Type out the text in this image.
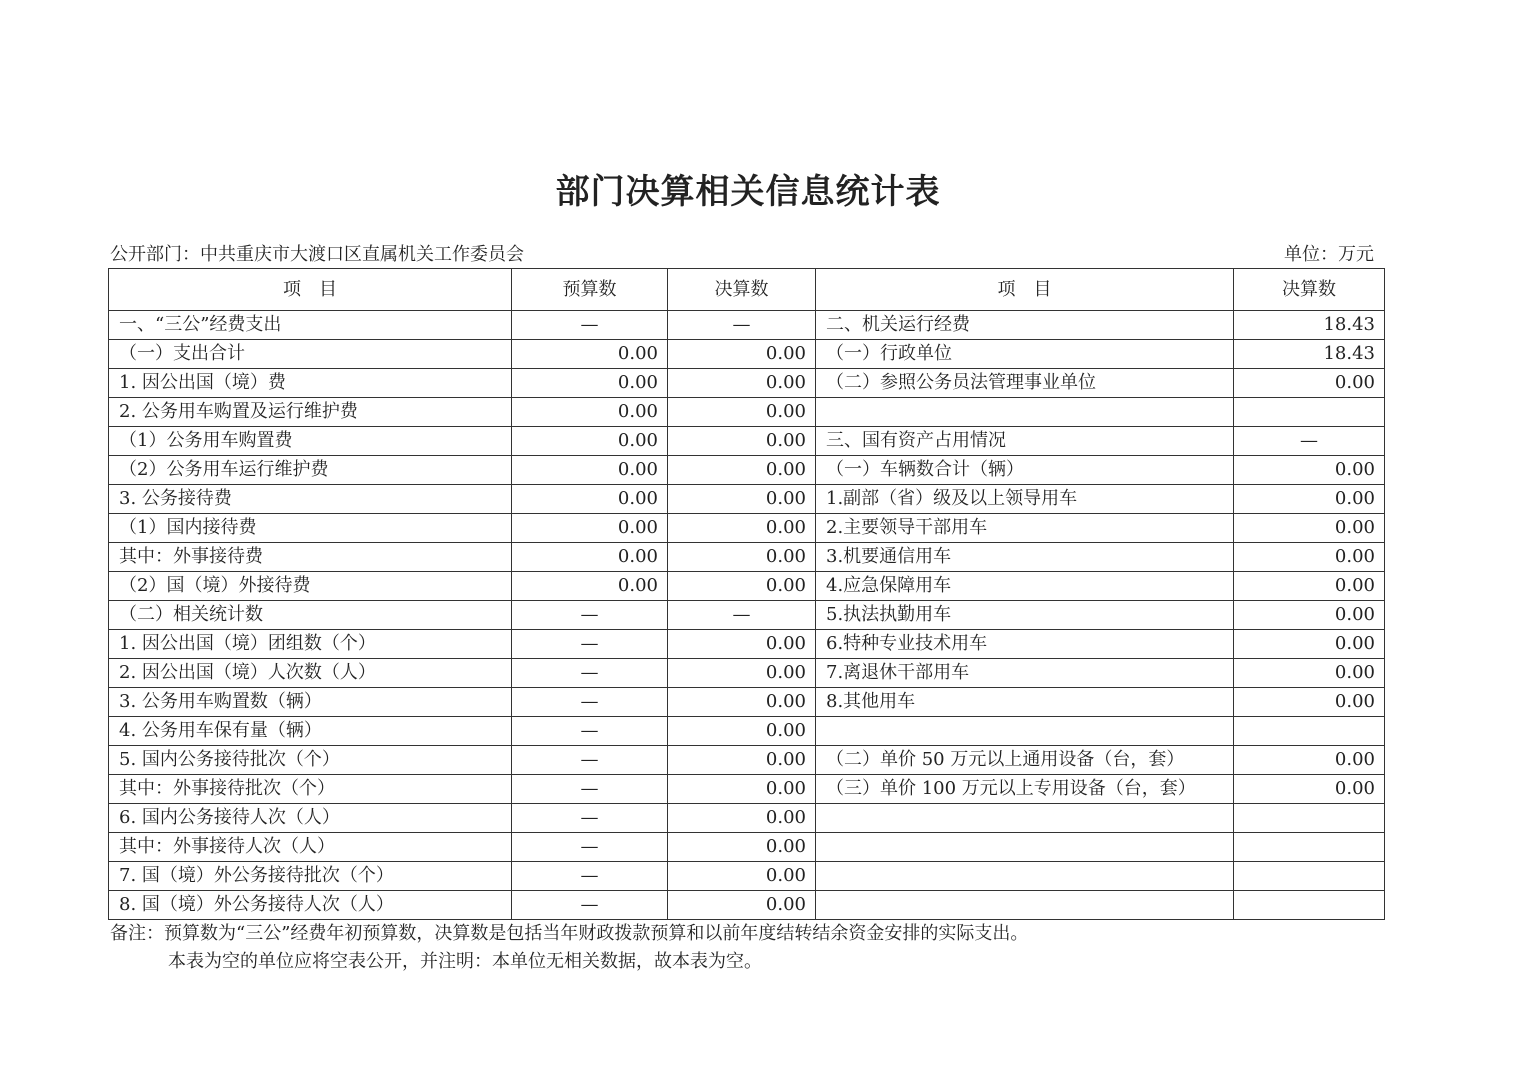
部门决算相关信息统计表
公开部门：中共重庆市大渡口区直属机关工作委员会	单位：万元
项　目	预算数	决算数	项　目	决算数
一、“三公”经费支出	—	—	二、机关运行经费	18.43
（一）支出合计	0.00	0.00	（一）行政单位	18.43
1. 因公出国（境）费	0.00	0.00	（二）参照公务员法管理事业单位	0.00
2. 公务用车购置及运行维护费	0.00	0.00		
（1）公务用车购置费	0.00	0.00	三、国有资产占用情况	—
（2）公务用车运行维护费	0.00	0.00	（一）车辆数合计（辆）	0.00
3. 公务接待费	0.00	0.00	1.副部（省）级及以上领导用车	0.00
（1）国内接待费	0.00	0.00	2.主要领导干部用车	0.00
其中：外事接待费	0.00	0.00	3.机要通信用车	0.00
（2）国（境）外接待费	0.00	0.00	4.应急保障用车	0.00
（二）相关统计数	—	—	5.执法执勤用车	0.00
1. 因公出国（境）团组数（个）	—	0.00	6.特种专业技术用车	0.00
2. 因公出国（境）人次数（人）	—	0.00	7.离退休干部用车	0.00
3. 公务用车购置数（辆）	—	0.00	8.其他用车	0.00
4. 公务用车保有量（辆）	—	0.00		
5. 国内公务接待批次（个）	—	0.00	（二）单价 50 万元以上通用设备（台，套）	0.00
其中：外事接待批次（个）	—	0.00	（三）单价 100 万元以上专用设备（台，套）	0.00
6. 国内公务接待人次（人）	—	0.00		
其中：外事接待人次（人）	—	0.00		
7. 国（境）外公务接待批次（个）	—	0.00		
8. 国（境）外公务接待人次（人）	—	0.00		
备注：预算数为“三公”经费年初预算数，决算数是包括当年财政拨款预算和以前年度结转结余资金安排的实际支出。
本表为空的单位应将空表公开，并注明：本单位无相关数据，故本表为空。
